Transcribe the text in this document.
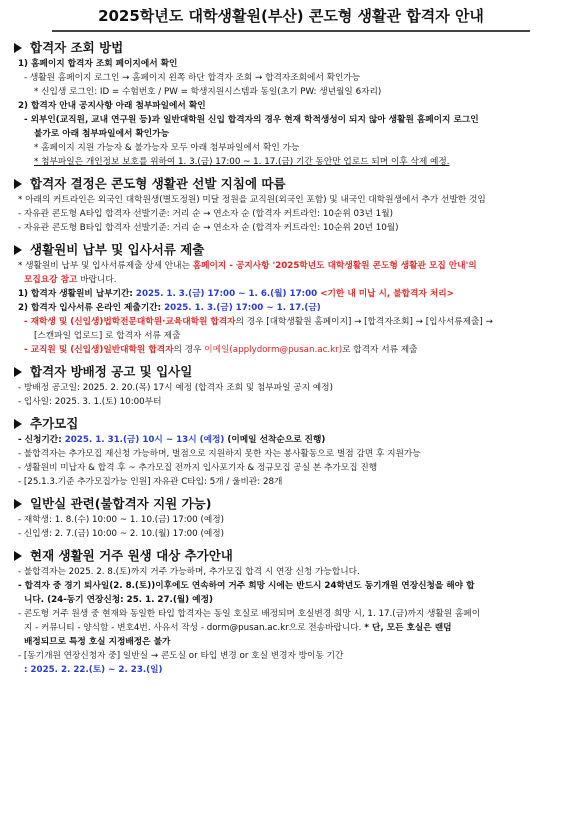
2025학년도 대학생활원(부산) 콘도형 생활관 합격자 안내
합격자 조회 방법
1) 홈페이지 합격자 조회 페이지에서 확인
- 생활원 홈페이지 로그인 → 홈페이지 왼쪽 하단 합격자 조회 → 합격자조회에서 확인가능
* 신입생 로그인: ID = 수험번호 / PW = 학생지원시스템과 동일(초기 PW: 생년월일 6자리)
2) 합격자 안내 공지사항 아래 첨부파일에서 확인
- 외부인(교직원, 교내 연구원 등)과 일반대학원 신입 합격자의 경우 현재 학적생성이 되지 않아 생활원 홈페이지 로그인
불가로 아래 첨부파일에서 확인가능
* 홈페이지 지원 가능자 & 불가능자 모두 아래 첨부파일에서 확인 가능
* 첨부파일은 개인정보 보호를 위하여 1. 3.(금) 17:00 ~ 1. 17.(금) 기간 동안만 업로드 되며 이후 삭제 예정.
합격자 결정은 콘도형 생활관 선발 지침에 따름
* 아래의 커트라인은 외국인 대학원생(별도정원) 미달 정원을 교직원(외국인 포함) 및 내국인 대학원생에서 추가 선발한 것임
- 자유관 콘도형 A타입 합격자 선발기준: 거리 순 → 연소자 순 (합격자 커트라인: 10순위 03년 1월)
- 자유관 콘도형 B타입 합격자 선발기준: 거리 순 → 연소자 순 (합격자 커트라인: 10순위 20년 10월)
생활원비 납부 및 입사서류 제출
* 생활원비 납부 및 입사서류제출 상세 안내는 홈페이지 - 공지사항 '2025학년도 대학생활원 콘도형 생활관 모집 안내'의
모집요강 참고 바랍니다.
1) 합격자 생활원비 납부기간: 2025. 1. 3.(금) 17:00 ~ 1. 6.(월) 17:00 <기한 내 미납 시, 불합격자 처리>
2) 합격자 입사서류 온라인 제출기간: 2025. 1. 3.(금) 17:00 ~ 1. 17.(금)
- 재학생 및 (신입생)법학전문대학원·교육대학원 합격자의 경우 [대학생활원 홈페이지] → [합격자조회] → [입사서류제출] →
[스캔파일 업로드] 로 합격자 서류 제출
- 교직원 및 (신입생)일반대학원 합격자의 경우 이메일(applydorm@pusan.ac.kr)로 합격자 서류 제출
합격자 방배정 공고 및 입사일
- 방배정 공고일: 2025. 2. 20.(목) 17시 예정 (합격자 조회 및 첨부파일 공지 예정)
- 입사일: 2025. 3. 1.(토) 10:00부터
추가모집
- 신청기간: 2025. 1. 31.(금) 10시 ~ 13시 (예정) (이메일 선착순으로 진행)
- 불합격자는 추가모집 재신청 가능하며, 벌점으로 지원하지 못한 자는 봉사활동으로 벌점 감면 후 지원가능
- 생활원비 미납자 & 합격 후 ~ 추가모집 전까지 입사포기자 & 정규모집 공실 본 추가모집 진행
- [25.1.3.기준 추가모집가능 인원] 자유관 C타입: 5개 / 울비관: 28개
일반실 관련(불합격자 지원 가능)
- 재학생: 1. 8.(수) 10:00 ~ 1. 10.(금) 17:00 (예정)
- 신입생: 2. 7.(금) 10:00 ~ 2. 10.(월) 17:00 (예정)
현재 생활원 거주 원생 대상 추가안내
- 불합격자는 2025. 2. 8.(토)까지 거주 가능하며, 추가모집 합격 시 연장 신청 가능합니다.
- 합격자 중 경기 퇴사일(2. 8.(토))이후에도 연속하여 거주 희망 시에는 반드시 24학년도 동기개원 연장신청을 해야 합
니다. (24-동기 연장신청: 25. 1. 27.(월) 예정)
- 콘도형 거주 원생 중 현재와 동일한 타입 합격자는 동일 호실로 배정되며 호실변경 희망 시, 1. 17.(금)까지 생활원 홈페이
지 - 커뮤니티 - 양식함 - 변호4번. 사유서 작성 - dorm@pusan.ac.kr으로 전송바랍니다. * 단, 모든 호실은 랜덤
배정되므로 특정 호실 지정배정은 불가
- [동기개원 연장신청자 중] 일반실 → 콘도실 or 타입 변경 or 호실 변경자 방이동 기간
: 2025. 2. 22.(토) ~ 2. 23.(일)
